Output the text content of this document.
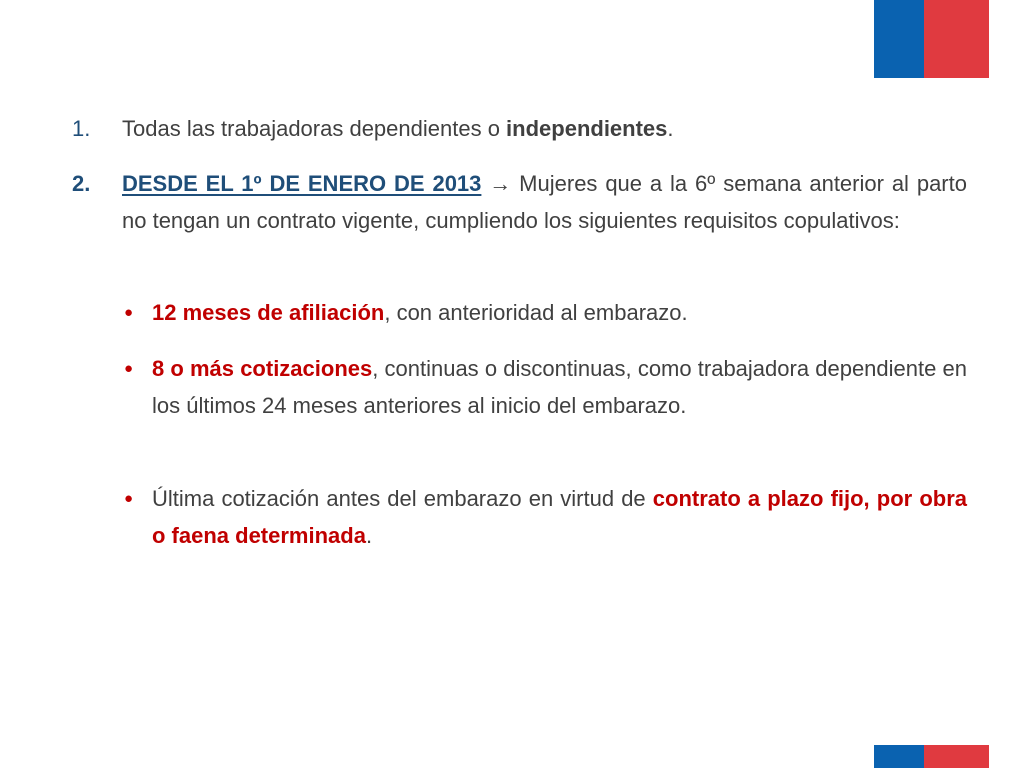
1. Todas las trabajadoras dependientes o independientes.
2. DESDE EL 1º DE ENERO DE 2013 → Mujeres que a la 6º semana anterior al parto no tengan un contrato vigente, cumpliendo los siguientes requisitos copulativos:
● 12 meses de afiliación, con anterioridad al embarazo.
● 8 o más cotizaciones, continuas o discontinuas, como trabajadora dependiente en los últimos 24 meses anteriores al inicio del embarazo.
● Última cotización antes del embarazo en virtud de contrato a plazo fijo, por obra o faena determinada.
